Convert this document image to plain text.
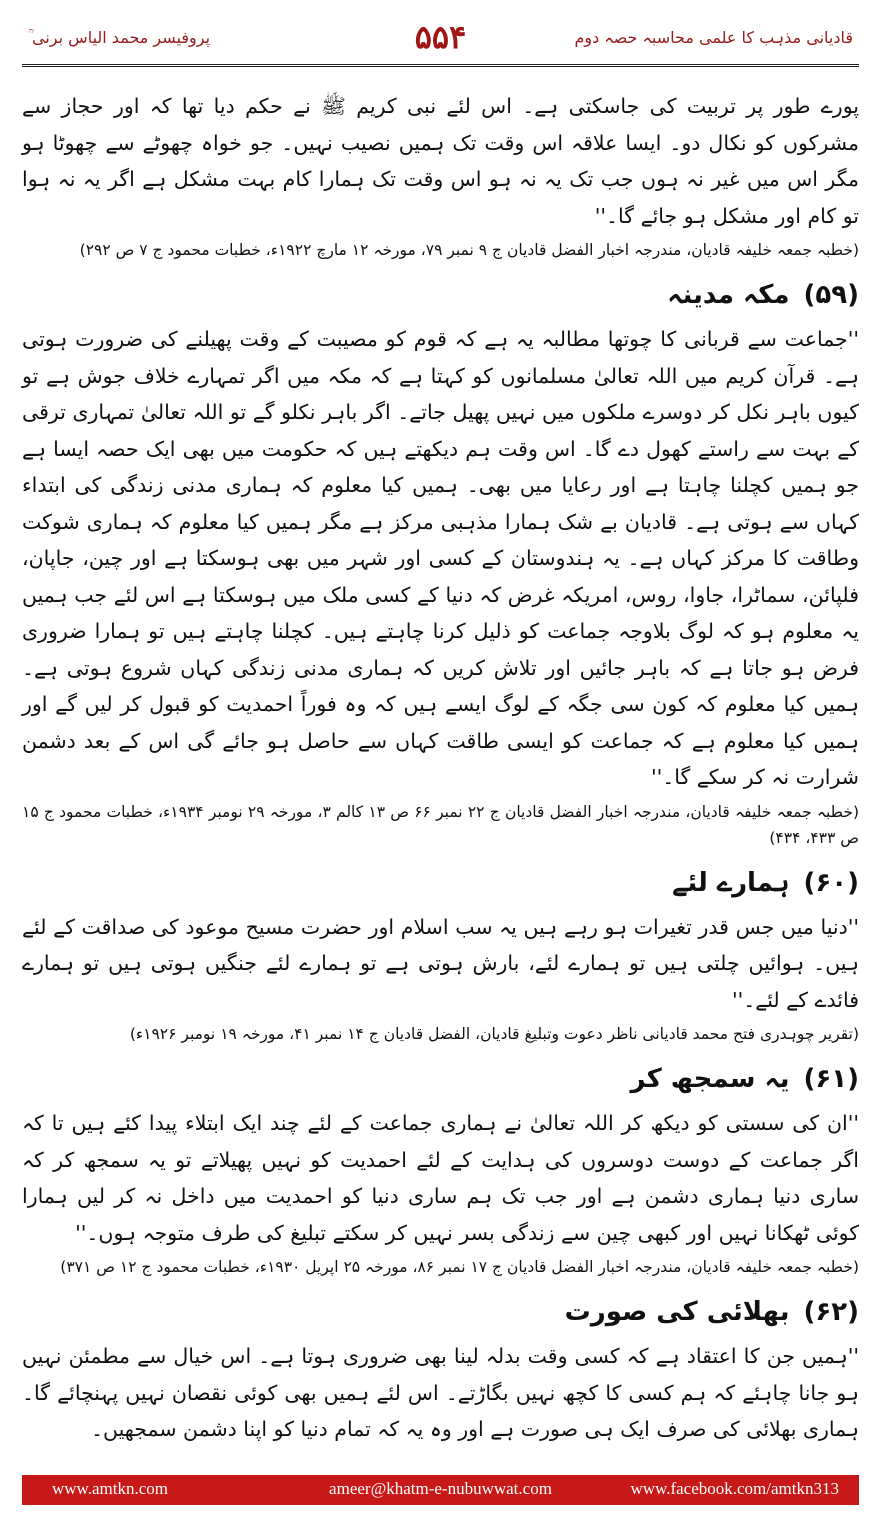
قادیانی مذہب کا علمی محاسبہ حصہ دوم
۵۵۴
پروفیسر محمد الیاس برنی ؒ

پورے طور پر تربیت کی جاسکتی ہے۔ اس لئے نبی کریم ﷺ نے حکم دیا تھا کہ اور حجاز سے مشرکوں کو نکال دو۔ ایسا علاقہ اس وقت تک ہمیں نصیب نہیں۔ جو خواہ چھوٹے سے چھوٹا ہو مگر اس میں غیر نہ ہوں جب تک یہ نہ ہو اس وقت تک ہمارا کام بہت مشکل ہے اگر یہ نہ ہوا تو کام اور مشکل ہو جائے گا۔''

(خطبہ جمعہ خلیفہ قادیان، مندرجہ اخبار الفضل قادیان ج ۹ نمبر ۷۹، مورخہ ۱۲ مارچ ۱۹۲۲ء، خطبات محمود ج ۷ ص ۲۹۲)

(۵۹)مکہ مدینہ

''جماعت سے قربانی کا چوتھا مطالبہ یہ ہے کہ قوم کو مصیبت کے وقت پھیلنے کی ضرورت ہوتی ہے۔ قرآن کریم میں اللہ تعالیٰ مسلمانوں کو کہتا ہے کہ مکہ میں اگر تمہارے خلاف جوش ہے تو کیوں باہر نکل کر دوسرے ملکوں میں نہیں پھیل جاتے۔ اگر باہر نکلو گے تو اللہ تعالیٰ تمہاری ترقی کے بہت سے راستے کھول دے گا۔ اس وقت ہم دیکھتے ہیں کہ حکومت میں بھی ایک حصہ ایسا ہے جو ہمیں کچلنا چاہتا ہے اور رعایا میں بھی۔ ہمیں کیا معلوم کہ ہماری مدنی زندگی کی ابتداء کہاں سے ہوتی ہے۔ قادیان بے شک ہمارا مذہبی مرکز ہے مگر ہمیں کیا معلوم کہ ہماری شوکت وطاقت کا مرکز کہاں ہے۔ یہ ہندوستان کے کسی اور شہر میں بھی ہوسکتا ہے اور چین، جاپان، فلپائن، سماٹرا، جاوا، روس، امریکہ غرض کہ دنیا کے کسی ملک میں ہوسکتا ہے اس لئے جب ہمیں یہ معلوم ہو کہ لوگ بلاوجہ جماعت کو ذلیل کرنا چاہتے ہیں۔ کچلنا چاہتے ہیں تو ہمارا ضروری فرض ہو جاتا ہے کہ باہر جائیں اور تلاش کریں کہ ہماری مدنی زندگی کہاں شروع ہوتی ہے۔ ہمیں کیا معلوم کہ کون سی جگہ کے لوگ ایسے ہیں کہ وہ فوراً احمدیت کو قبول کر لیں گے اور ہمیں کیا معلوم ہے کہ جماعت کو ایسی طاقت کہاں سے حاصل ہو جائے گی اس کے بعد دشمن شرارت نہ کر سکے گا۔''

(خطبہ جمعہ خلیفہ قادیان، مندرجہ اخبار الفضل قادیان ج ۲۲ نمبر ۶۶ ص ۱۳ کالم ۳، مورخہ ۲۹ نومبر ۱۹۳۴ء، خطبات محمود ج ۱۵ ص ۴۳۳، ۴۳۴)

(۶۰)ہمارے لئے

''دنیا میں جس قدر تغیرات ہو رہے ہیں یہ سب اسلام اور حضرت مسیح موعود کی صداقت کے لئے ہیں۔ ہوائیں چلتی ہیں تو ہمارے لئے، بارش ہوتی ہے تو ہمارے لئے جنگیں ہوتی ہیں تو ہمارے فائدے کے لئے۔''

(تقریر چوہدری فتح محمد قادیانی ناظر دعوت وتبلیغ قادیان، الفضل قادیان ج ۱۴ نمبر ۴۱، مورخہ ۱۹ نومبر ۱۹۲۶ء)

(۶۱)یہ سمجھ کر

''ان کی سستی کو دیکھ کر اللہ تعالیٰ نے ہماری جماعت کے لئے چند ایک ابتلاء پیدا کئے ہیں تا کہ اگر جماعت کے دوست دوسروں کی ہدایت کے لئے احمدیت کو نہیں پھیلاتے تو یہ سمجھ کر کہ ساری دنیا ہماری دشمن ہے اور جب تک ہم ساری دنیا کو احمدیت میں داخل نہ کر لیں ہمارا کوئی ٹھکانا نہیں اور کبھی چین سے زندگی بسر نہیں کر سکتے تبلیغ کی طرف متوجہ ہوں۔''

(خطبہ جمعہ خلیفہ قادیان، مندرجہ اخبار الفضل قادیان ج ۱۷ نمبر ۸۶، مورخہ ۲۵ اپریل ۱۹۳۰ء، خطبات محمود ج ۱۲ ص ۳۷۱)

(۶۲)بھلائی کی صورت

''ہمیں جن کا اعتقاد ہے کہ کسی وقت بدلہ لینا بھی ضروری ہوتا ہے۔ اس خیال سے مطمئن نہیں ہو جانا چاہئے کہ ہم کسی کا کچھ نہیں بگاڑتے۔ اس لئے ہمیں بھی کوئی نقصان نہیں پہنچائے گا۔ ہماری بھلائی کی صرف ایک ہی صورت ہے اور وہ یہ کہ تمام دنیا کو اپنا دشمن سمجھیں۔

www.amtkn.com	ameer@khatm-e-nubuwwat.com	www.facebook.com/amtkn313
